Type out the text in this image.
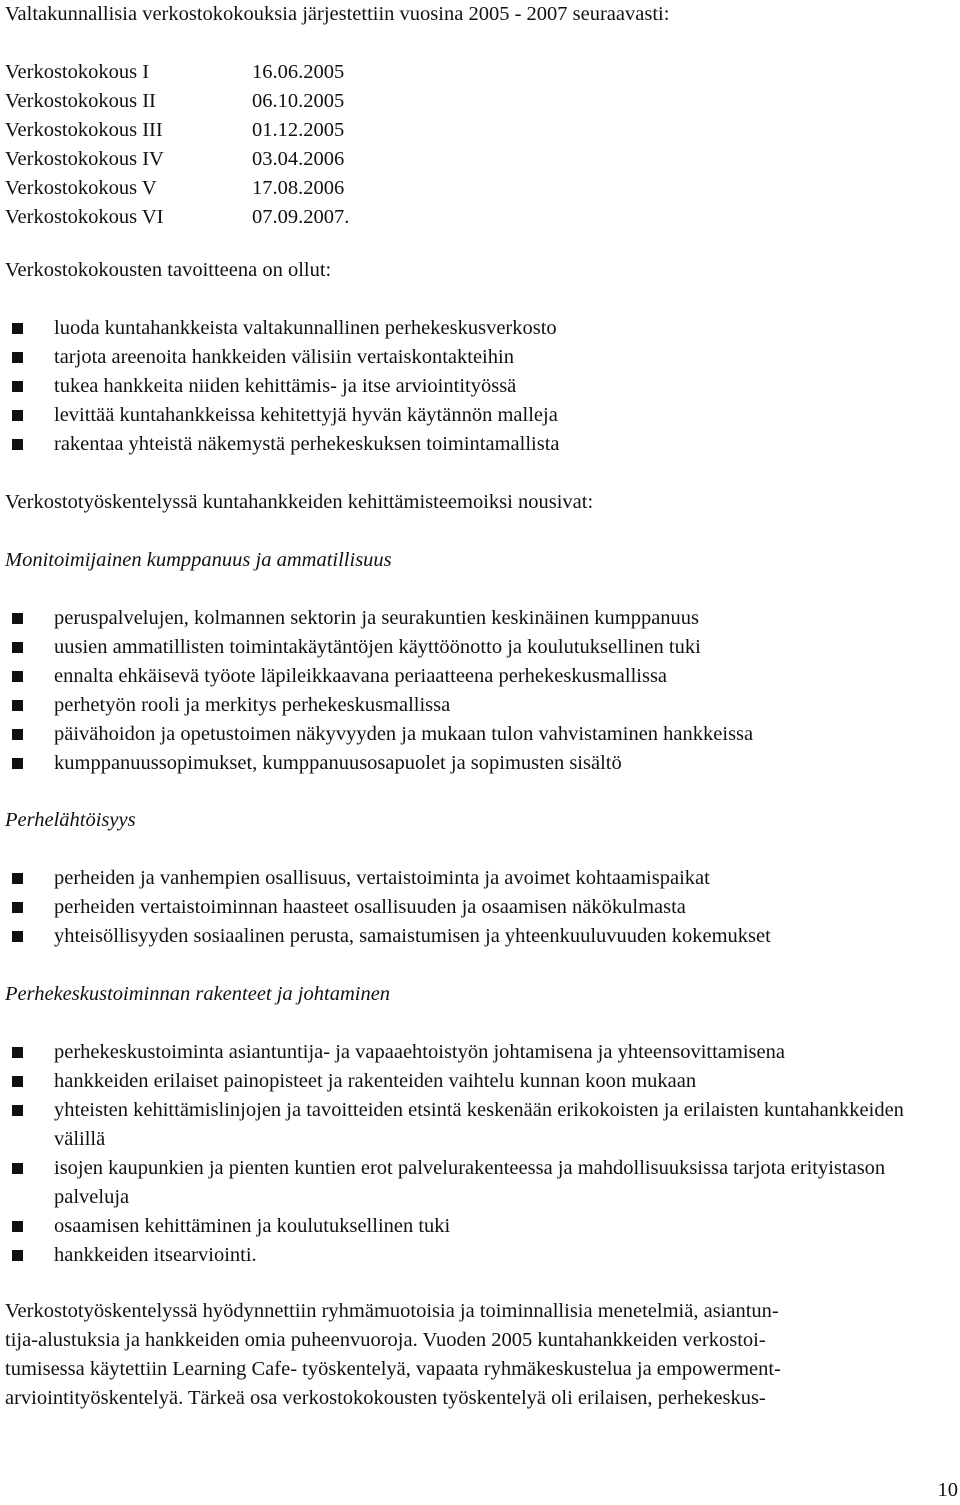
Valtakunnallisia verkostokokouksia järjestettiin vuosina 2005 - 2007 seuraavasti:
Verkostokokous I	16.06.2005
Verkostokokous II	06.10.2005
Verkostokokous III	01.12.2005
Verkostokokous IV	03.04.2006
Verkostokokous V	17.08.2006
Verkostokokous VI	07.09.2007.
Verkostokokousten tavoitteena on ollut:
luoda kuntahankkeista valtakunnallinen perhekeskusverkosto
tarjota areenoita hankkeiden välisiin vertaiskontakteihin
tukea hankkeita niiden kehittämis- ja itse arviointityössä
levittää kuntahankkeissa kehitettyjä hyvän käytännön malleja
rakentaa yhteistä näkemystä perhekeskuksen toimintamallista
Verkostotyöskentelyssä kuntahankkeiden kehittämisteemoiksi nousivat:
Monitoimijainen kumppanuus ja ammatillisuus
peruspalvelujen, kolmannen sektorin ja seurakuntien keskinäinen kumppanuus
uusien ammatillisten toimintakäytäntöjen käyttöönotto ja koulutuksellinen tuki
ennalta ehkäisevä työote läpileikkaavana periaatteena perhekeskusmallissa
perhetyön rooli ja merkitys perhekeskusmallissa
päivähoidon ja opetustoimen näkyvyyden ja mukaan tulon vahvistaminen hankkeissa
kumppanuussopimukset, kumppanuusosapuolet ja sopimusten sisältö
Perhelähtöisyys
perheiden ja vanhempien osallisuus, vertaistoiminta ja avoimet kohtaamispaikat
perheiden vertaistoiminnan haasteet osallisuuden ja osaamisen näkökulmasta
yhteisöllisyyden sosiaalinen perusta, samaistumisen ja yhteenkuuluvuuden kokemukset
Perhekeskustoiminnan rakenteet ja johtaminen
perhekeskustoiminta asiantuntija- ja vapaaehtoistyön johtamisena ja yhteensovittamisena
hankkeiden erilaiset painopisteet ja rakenteiden vaihtelu kunnan koon mukaan
yhteisten kehittämislinjojen ja tavoitteiden etsintä keskenään erikokoisten ja erilaisten kuntahankkeiden välillä
isojen kaupunkien ja pienten kuntien erot palvelurakenteessa ja mahdollisuuksissa tarjota erityistason palveluja
osaamisen kehittäminen ja koulutuksellinen tuki
hankkeiden itsearviointi.
Verkostotyöskentelyssä hyödynnettiin ryhmämuotoisia ja toiminnallisia menetelmiä, asiantun-
tija-alustuksia ja hankkeiden omia puheenvuoroja. Vuoden 2005 kuntahankkeiden verkostoi-
tumisessa käytettiin Learning Cafe- työskentelyä, vapaata ryhmäkeskustelua ja empowerment-
arviointityöskentelyä. Tärkeä osa verkostokokousten työskentelyä oli erilaisen, perhekeskus-
10
